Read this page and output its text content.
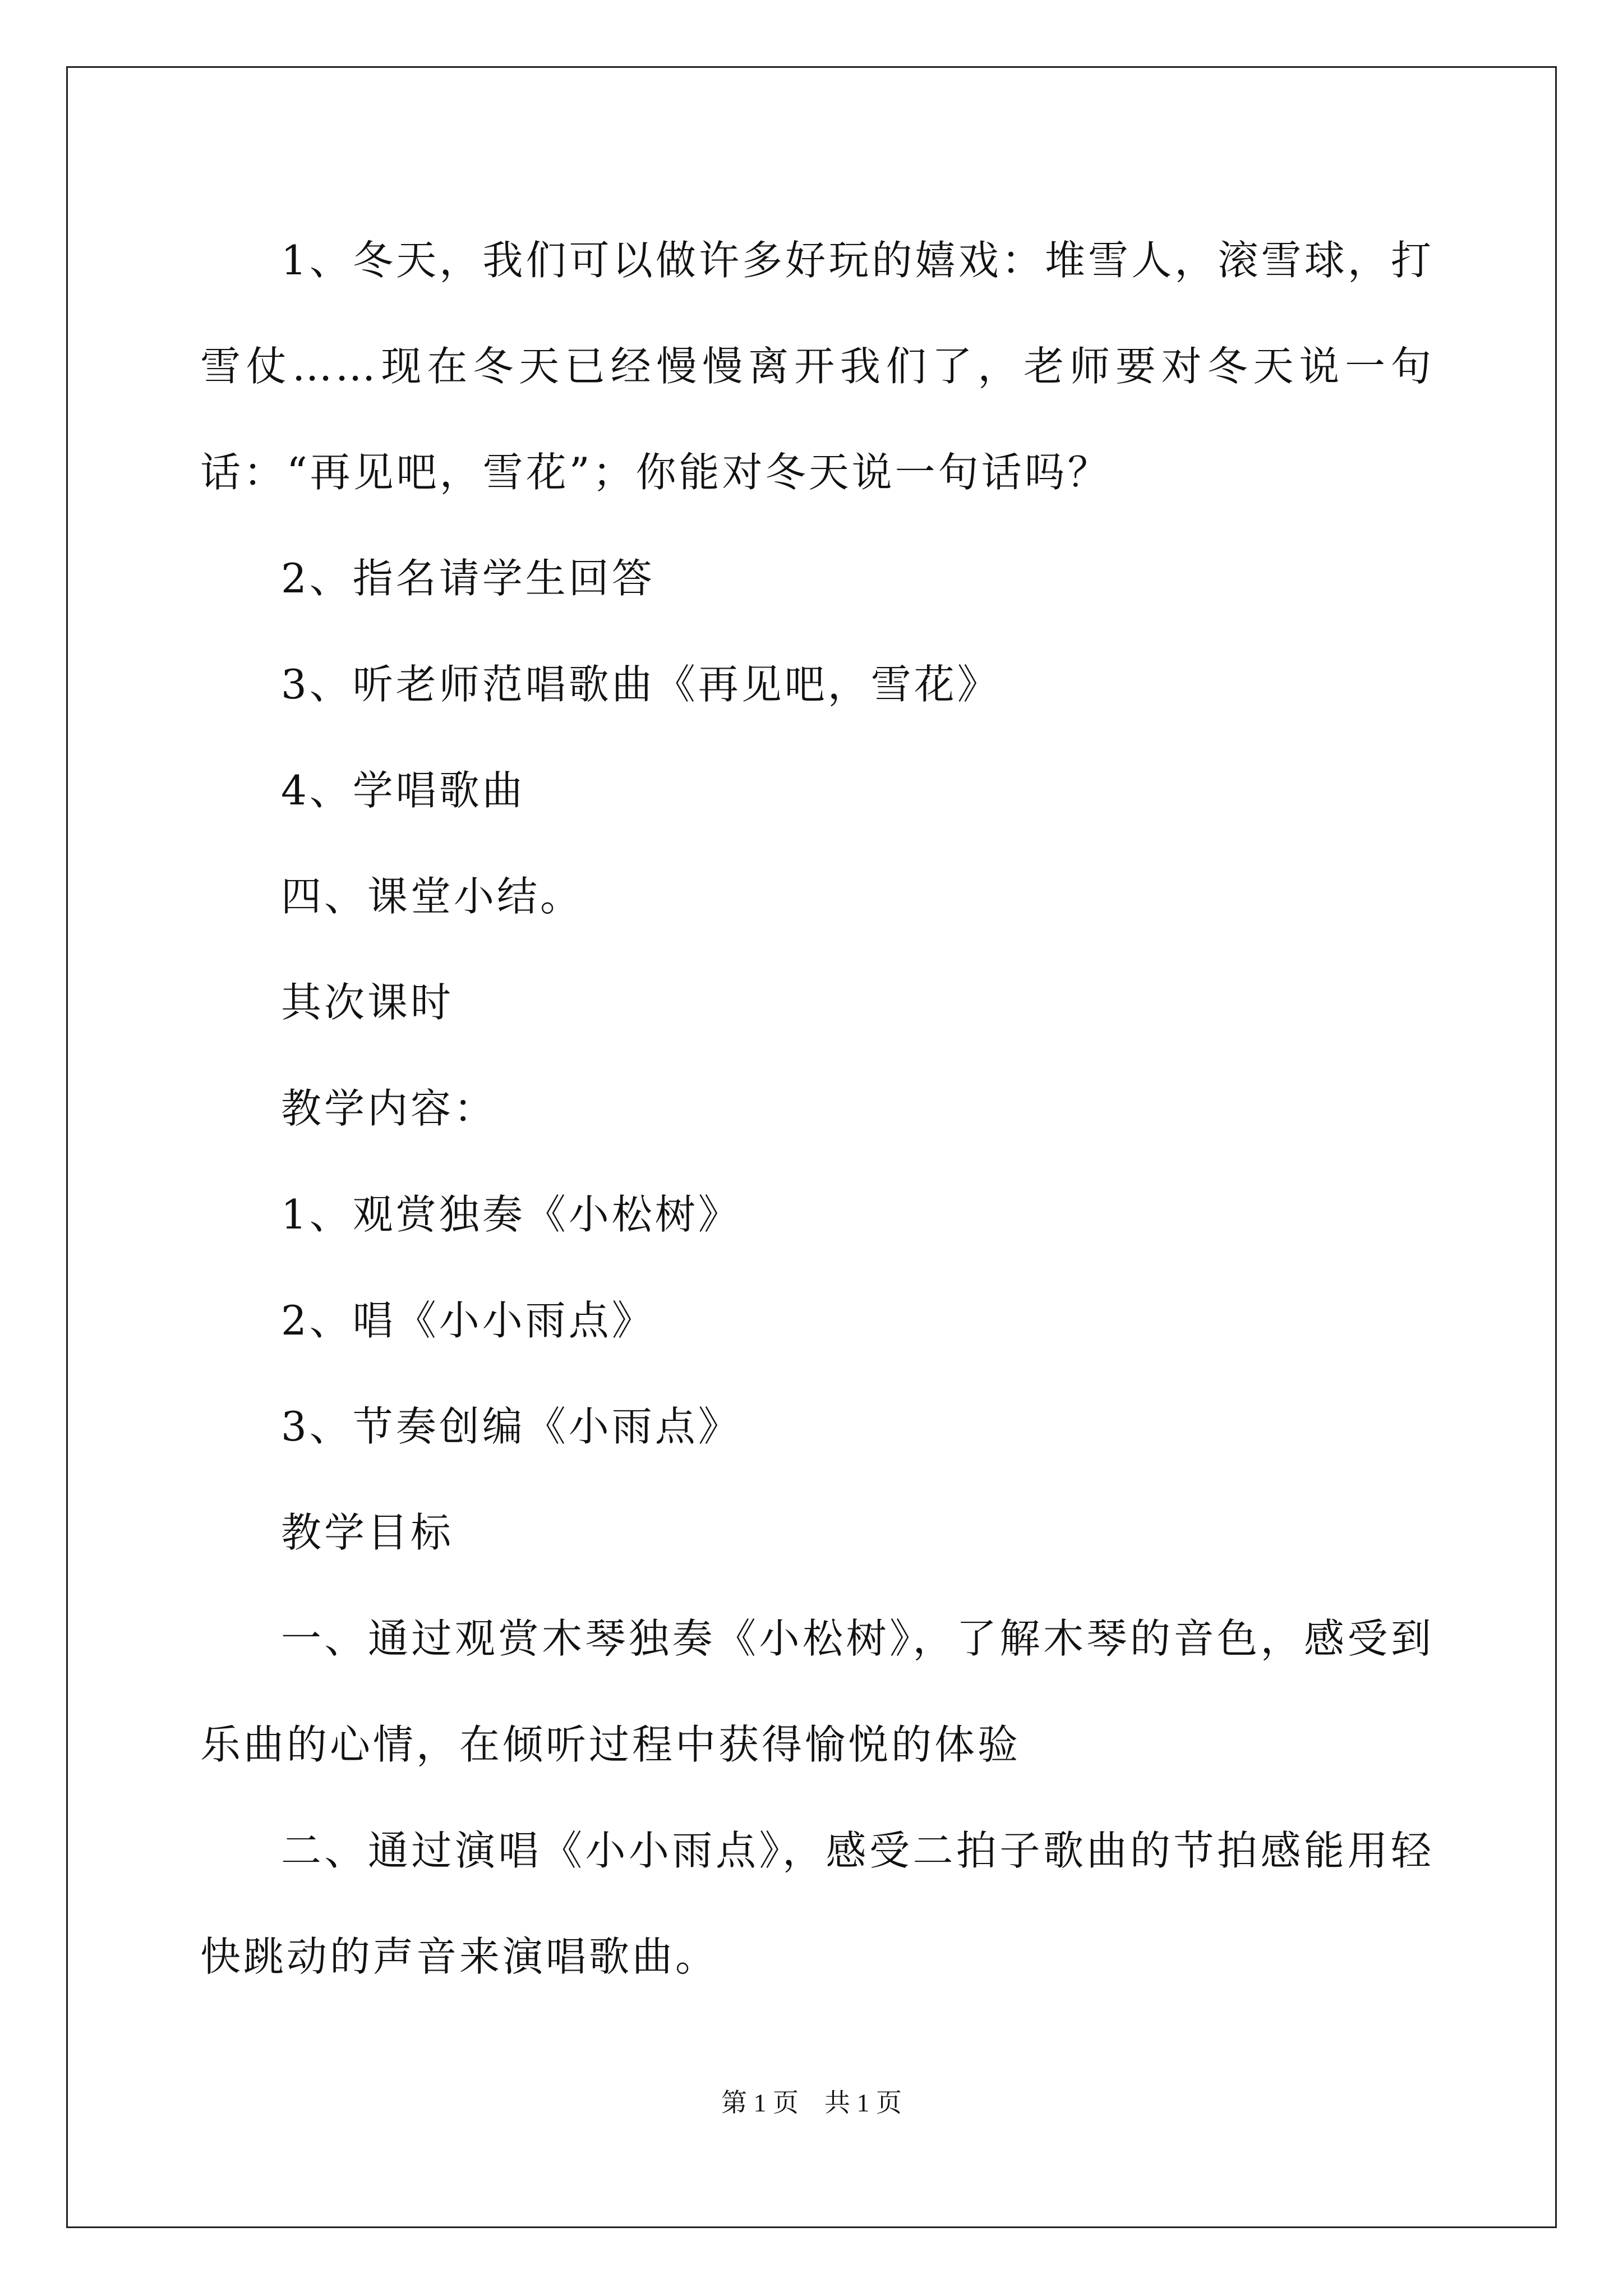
1、冬天，我们可以做许多好玩的嬉戏：堆雪人，滚雪球，打雪仗……现在冬天已经慢慢离开我们了，老师要对冬天说一句话：“再见吧，雪花”；你能对冬天说一句话吗？

2、指名请学生回答

3、听老师范唱歌曲《再见吧，雪花》

4、学唱歌曲

四、课堂小结。

其次课时

教学内容：

1、观赏独奏《小松树》

2、唱《小小雨点》

3、节奏创编《小雨点》

教学目标

一、通过观赏木琴独奏《小松树》，了解木琴的音色，感受到乐曲的心情，在倾听过程中获得愉悦的体验

二、通过演唱《小小雨点》，感受二拍子歌曲的节拍感能用轻快跳动的声音来演唱歌曲。

第 1 页 共 1 页
